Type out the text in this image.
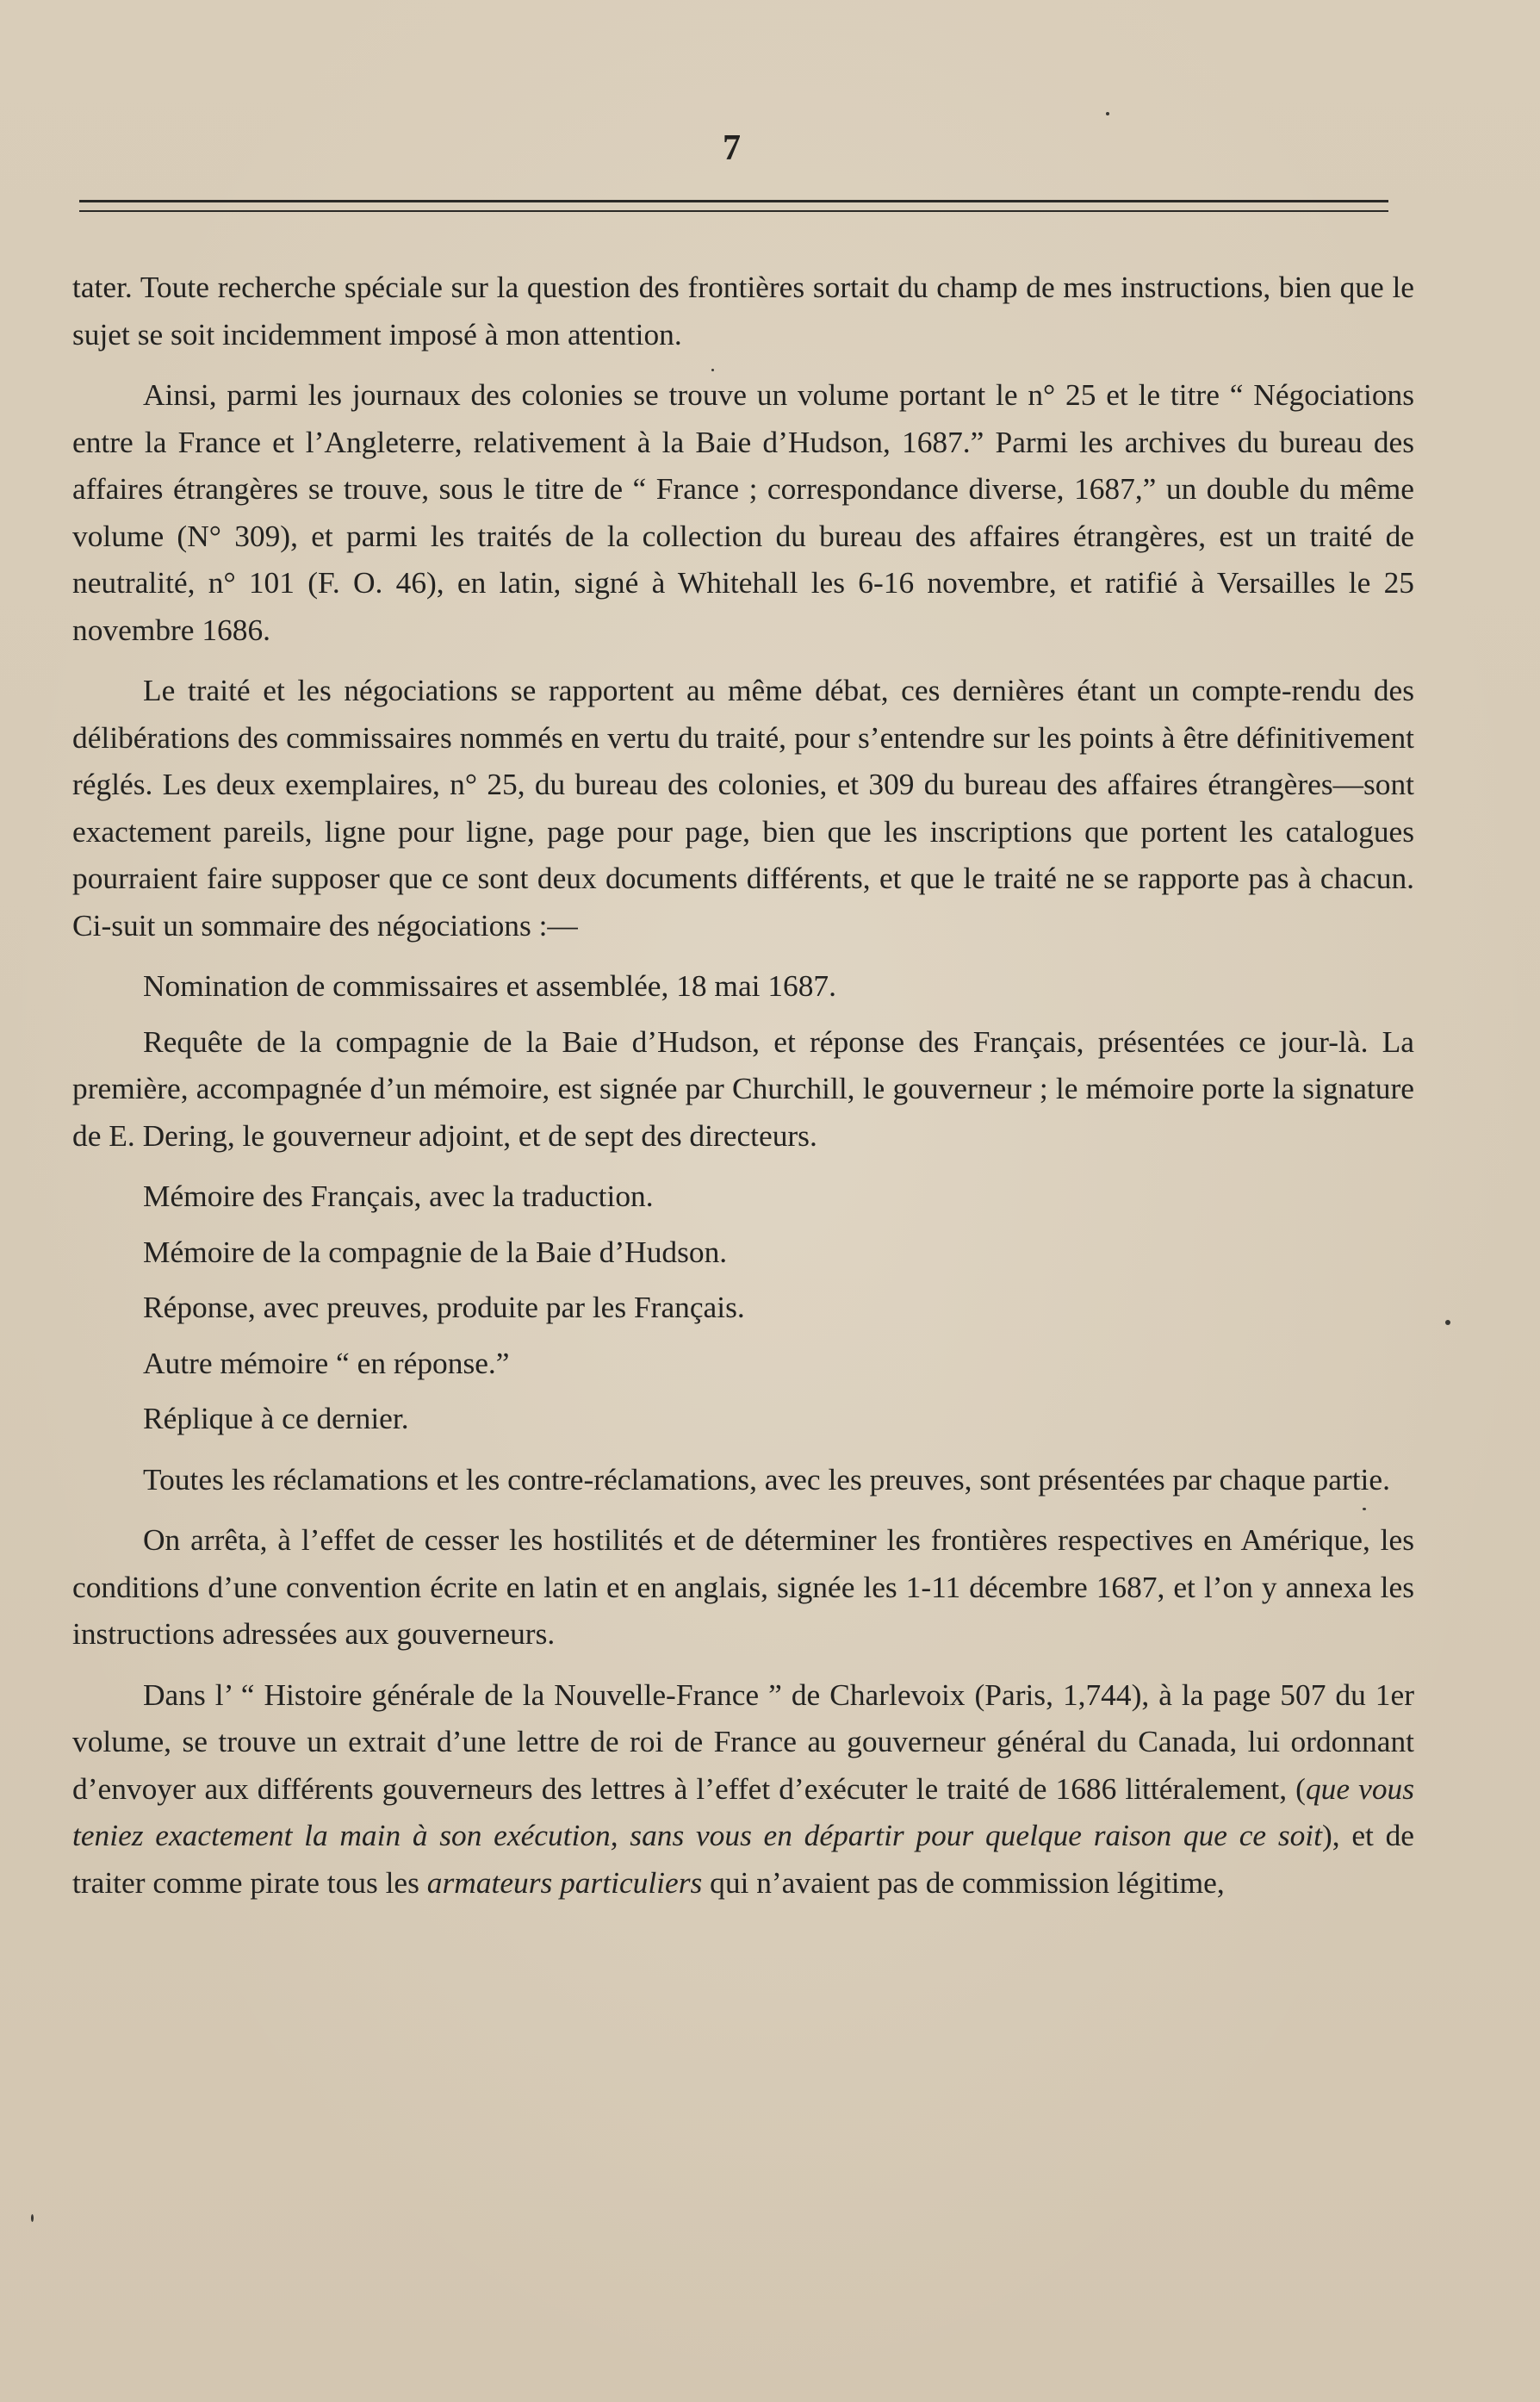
7

tater. Toute recherche spéciale sur la question des frontières sortait du champ de mes instructions, bien que le sujet se soit incidemment imposé à mon attention.

Ainsi, parmi les journaux des colonies se trouve un volume portant le n° 25 et le titre “ Négociations entre la France et l’Angleterre, relativement à la Baie d’Hudson, 1687.” Parmi les archives du bureau des affaires étrangères se trouve, sous le titre de “ France ; correspondance diverse, 1687,” un double du même volume (N° 309), et parmi les traités de la collection du bureau des affaires étrangères, est un traité de neutralité, n° 101 (F. O. 46), en latin, signé à Whitehall les 6-16 novembre, et ratifié à Versailles le 25 novembre 1686.

Le traité et les négociations se rapportent au même débat, ces dernières étant un compte-rendu des délibérations des commissaires nommés en vertu du traité, pour s’entendre sur les points à être définitivement réglés. Les deux exemplaires, n° 25, du bureau des colonies, et 309 du bureau des affaires étrangères—sont exactement pareils, ligne pour ligne, page pour page, bien que les inscriptions que portent les catalogues pourraient faire supposer que ce sont deux documents différents, et que le traité ne se rapporte pas à chacun. Ci-suit un sommaire des négociations :—

Nomination de commissaires et assemblée, 18 mai 1687.

Requête de la compagnie de la Baie d’Hudson, et réponse des Français, présentées ce jour-là. La première, accompagnée d’un mémoire, est signée par Churchill, le gouverneur ; le mémoire porte la signature de E. Dering, le gouverneur adjoint, et de sept des directeurs.

Mémoire des Français, avec la traduction.

Mémoire de la compagnie de la Baie d’Hudson.

Réponse, avec preuves, produite par les Français.

Autre mémoire “ en réponse.”

Réplique à ce dernier.

Toutes les réclamations et les contre-réclamations, avec les preuves, sont présentées par chaque partie.

On arrêta, à l’effet de cesser les hostilités et de déterminer les frontières respectives en Amérique, les conditions d’une convention écrite en latin et en anglais, signée les 1-11 décembre 1687, et l’on y annexa les instructions adressées aux gouverneurs.

Dans l’ “ Histoire générale de la Nouvelle-France ” de Charlevoix (Paris, 1,744), à la page 507 du 1er volume, se trouve un extrait d’une lettre de roi de France au gouverneur général du Canada, lui ordonnant d’envoyer aux différents gouverneurs des lettres à l’effet d’exécuter le traité de 1686 littéralement, (que vous teniez exactement la main à son exécution, sans vous en départir pour quelque raison que ce soit), et de traiter comme pirate tous les armateurs particuliers qui n’avaient pas de commission légitime,
